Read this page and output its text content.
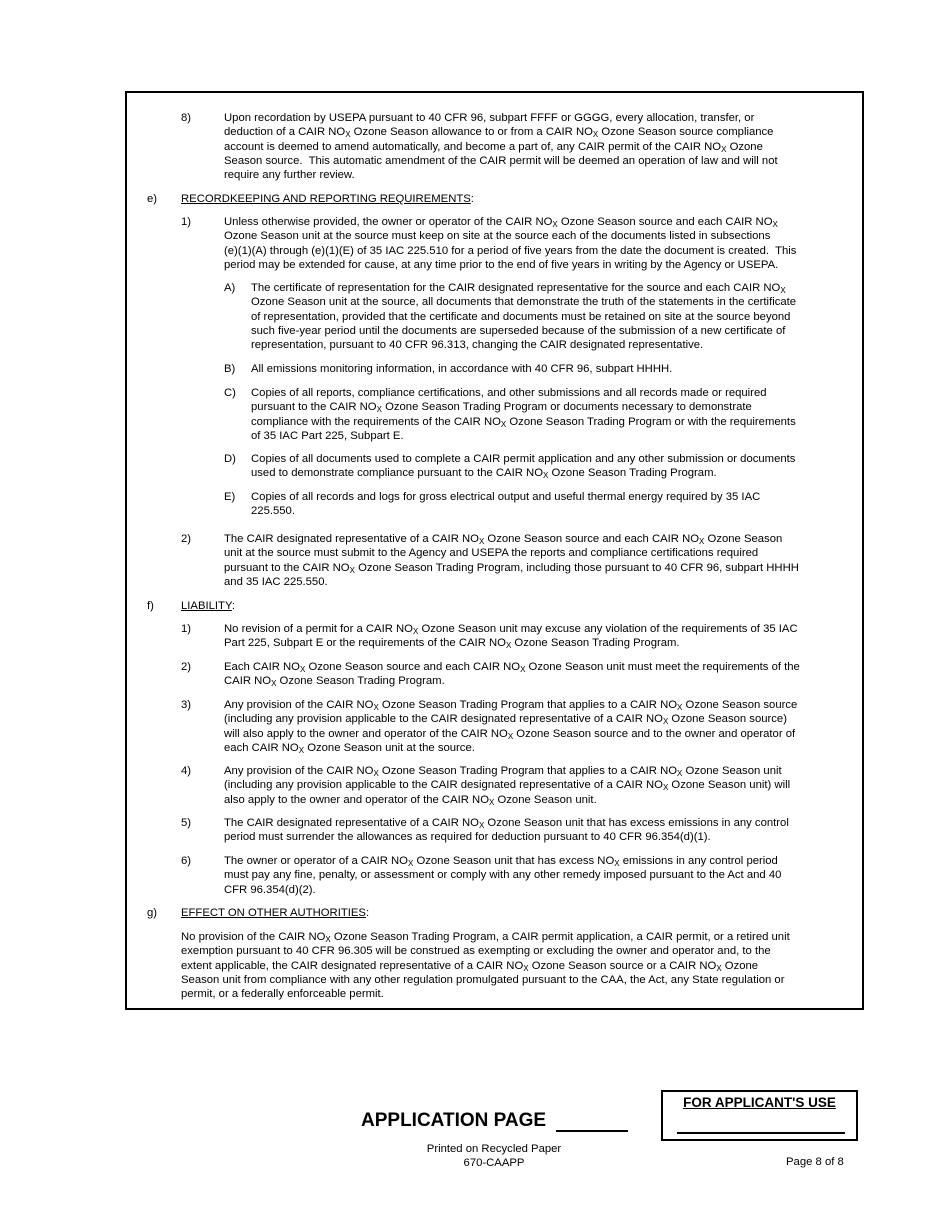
8)	Upon recordation by USEPA pursuant to 40 CFR 96, subpart FFFF or GGGG, every allocation, transfer, or
deduction of a CAIR $NO_X$ Ozone Season allowance to or from a CAIR $NO_X$ Ozone Season source compliance
account is deemed to amend automatically, and become a part of, any CAIR permit of the CAIR $NO_X$ Ozone
Season source.  This automatic amendment of the CAIR permit will be deemed an operation of law and will not
require any further review.
e) RECORDKEEPING AND REPORTING REQUIREMENTS:
1)	Unless otherwise provided, the owner or operator of the CAIR $NO_X$ Ozone Season source and each CAIR $NO_X$
Ozone Season unit at the source must keep on site at the source each of the documents listed in subsections
(e)(1)(A) through (e)(1)(E) of 35 IAC 225.510 for a period of five years from the date the document is created.  This
period may be extended for cause, at any time prior to the end of five years in writing by the Agency or USEPA.
A) The certificate of representation for the CAIR designated representative for the source and each CAIR $NO_X$
Ozone Season unit at the source, all documents that demonstrate the truth of the statements in the certificate
of representation, provided that the certificate and documents must be retained on site at the source beyond
such five-year period until the documents are superseded because of the submission of a new certificate of
representation, pursuant to 40 CFR 96.313, changing the CAIR designated representative.
B) All emissions monitoring information, in accordance with 40 CFR 96, subpart HHHH.
C) Copies of all reports, compliance certifications, and other submissions and all records made or required
pursuant to the CAIR $NO_X$ Ozone Season Trading Program or documents necessary to demonstrate
compliance with the requirements of the CAIR $NO_X$ Ozone Season Trading Program or with the requirements
of 35 IAC Part 225, Subpart E.
D) Copies of all documents used to complete a CAIR permit application and any other submission or documents
used to demonstrate compliance pursuant to the CAIR $NO_X$ Ozone Season Trading Program.
E) Copies of all records and logs for gross electrical output and useful thermal energy required by 35 IAC
225.550.
2)	The CAIR designated representative of a CAIR $NO_X$ Ozone Season source and each CAIR $NO_X$ Ozone Season
unit at the source must submit to the Agency and USEPA the reports and compliance certifications required
pursuant to the CAIR $NO_X$ Ozone Season Trading Program, including those pursuant to 40 CFR 96, subpart HHHH
and 35 IAC 225.550.
f) LIABILITY:
1)	No revision of a permit for a CAIR $NO_X$ Ozone Season unit may excuse any violation of the requirements of 35 IAC
Part 225, Subpart E or the requirements of the CAIR $NO_X$ Ozone Season Trading Program.
2)	Each CAIR $NO_X$ Ozone Season source and each CAIR $NO_X$ Ozone Season unit must meet the requirements of the
CAIR $NO_X$ Ozone Season Trading Program.
3)	Any provision of the CAIR $NO_X$ Ozone Season Trading Program that applies to a CAIR $NO_X$ Ozone Season source
(including any provision applicable to the CAIR designated representative of a CAIR $NO_X$ Ozone Season source)
will also apply to the owner and operator of the CAIR $NO_X$ Ozone Season source and to the owner and operator of
each CAIR $NO_X$ Ozone Season unit at the source.
4)	Any provision of the CAIR $NO_X$ Ozone Season Trading Program that applies to a CAIR $NO_X$ Ozone Season unit
(including any provision applicable to the CAIR designated representative of a CAIR $NO_X$ Ozone Season unit) will
also apply to the owner and operator of the CAIR $NO_X$ Ozone Season unit.
5)	The CAIR designated representative of a CAIR $NO_X$ Ozone Season unit that has excess emissions in any control
period must surrender the allowances as required for deduction pursuant to 40 CFR 96.354(d)(1).
6)	The owner or operator of a CAIR $NO_X$ Ozone Season unit that has excess $NO_X$ emissions in any control period
must pay any fine, penalty, or assessment or comply with any other remedy imposed pursuant to the Act and 40
CFR 96.354(d)(2).
g) EFFECT ON OTHER AUTHORITIES:
No provision of the CAIR $NO_X$ Ozone Season Trading Program, a CAIR permit application, a CAIR permit, or a retired unit
exemption pursuant to 40 CFR 96.305 will be construed as exempting or excluding the owner and operator and, to the
extent applicable, the CAIR designated representative of a CAIR $NO_X$ Ozone Season source or a CAIR $NO_X$ Ozone
Season unit from compliance with any other regulation promulgated pursuant to the CAA, the Act, any State regulation or
permit, or a federally enforceable permit.
APPLICATION PAGE
FOR APPLICANT'S USE
Printed on Recycled Paper
670-CAAPP	Page 8 of 8
